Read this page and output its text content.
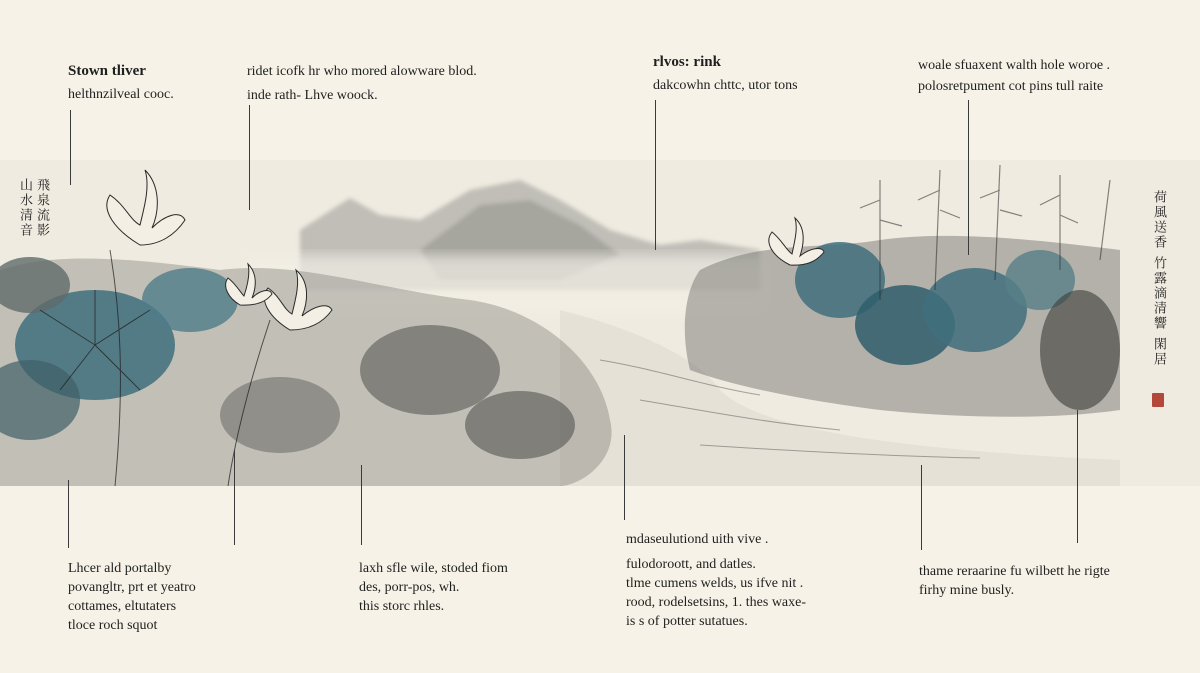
Stown tliver
helthnzilveal cooc.
ridet icofk hr who mored alowware blod.
inde rath- Lhve woock.
rlvos: rink
dakcowhn chttc, utor tons
woale sfuaxent walth hole woroe .
polosretpument cot pins tull raite
Lhcer ald portalby
povangltr, prt et yeatro
cottames, eltutaters
tloce roch squot
laxh sfle wile, stoded fiom
des, porr-pos, wh.
this storc rhles.
mdaseulutiond uith vive .
fulodoroott, and datles.
tlme cumens welds, us ifve nit .
rood, rodelsetsins, 1. thes waxe-
is s of potter sutatues.
thame reraarine fu wilbett he rigte
firhy mine busly.
飛泉流影 山水清音	荷風送香 竹露滴清響 閑居
